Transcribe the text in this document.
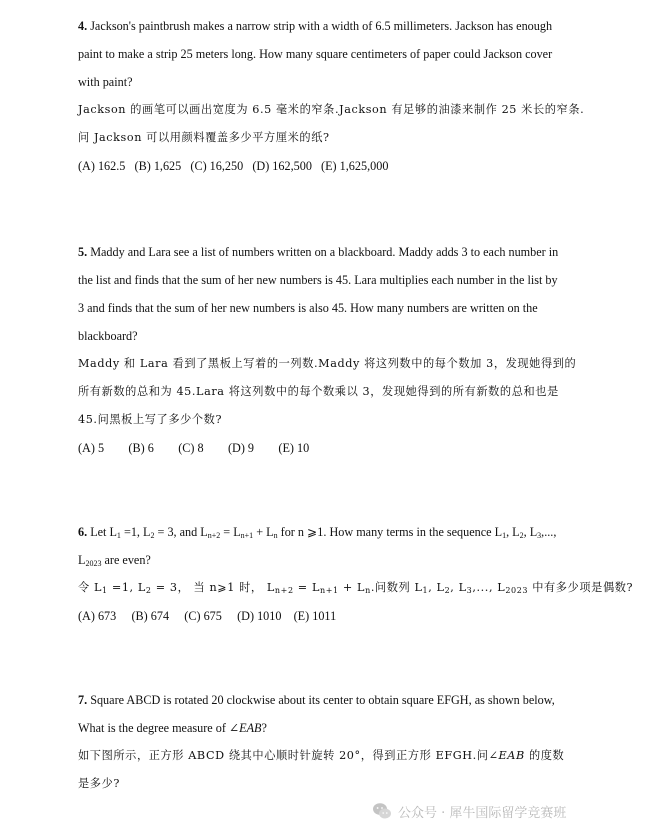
4. Jackson's paintbrush makes a narrow strip with a width of 6.5 millimeters. Jackson has enough
paint to make a strip 25 meters long. How many square centimeters of paper could Jackson cover
with paint?
Jackson 的画笔可以画出宽度为 6.5 毫米的窄条.Jackson 有足够的油漆来制作 25 米长的窄条.
问 Jackson 可以用颜料覆盖多少平方厘米的纸?
(A) 162.5   (B) 1,625   (C) 16,250   (D) 162,500   (E) 1,625,000
5. Maddy and Lara see a list of numbers written on a blackboard. Maddy adds 3 to each number in
the list and finds that the sum of her new numbers is 45. Lara multiplies each number in the list by
3 and finds that the sum of her new numbers is also 45. How many numbers are written on the
blackboard?
Maddy 和 Lara 看到了黑板上写着的一列数.Maddy 将这列数中的每个数加 3，发现她得到的
所有新数的总和为 45.Lara 将这列数中的每个数乘以 3，发现她得到的所有新数的总和也是
45.问黑板上写了多少个数?
(A) 5        (B) 6        (C) 8        (D) 9        (E) 10
6. Let $L_1 =1$, $L_2 = 3$, and $L_{n+2} = L_{n+1} + L_n$ for n ⩾1. How many terms in the sequence $L_1$, $L_2$, $L_3$,...,
$L_{2023}$ are even?
令 $L_1 =1$, $L_2 = 3$， 当 n⩾1 时， $L_{n+2} = L_{n+1} + L_n$.问数列 $L_1$, $L_2$, $L_3$,..., $L_{2023}$ 中有多少项是偶数?
(A) 673     (B) 674     (C) 675     (D) 1010    (E) 1011
7. Square ABCD is rotated 20 clockwise about its center to obtain square EFGH, as shown below,
What is the degree measure of ∠EAB?
如下图所示，正方形 ABCD 绕其中心顺时针旋转 20°，得到正方形 EFGH.问∠EAB 的度数
是多少?
公众号 · 犀牛国际留学竞赛班
